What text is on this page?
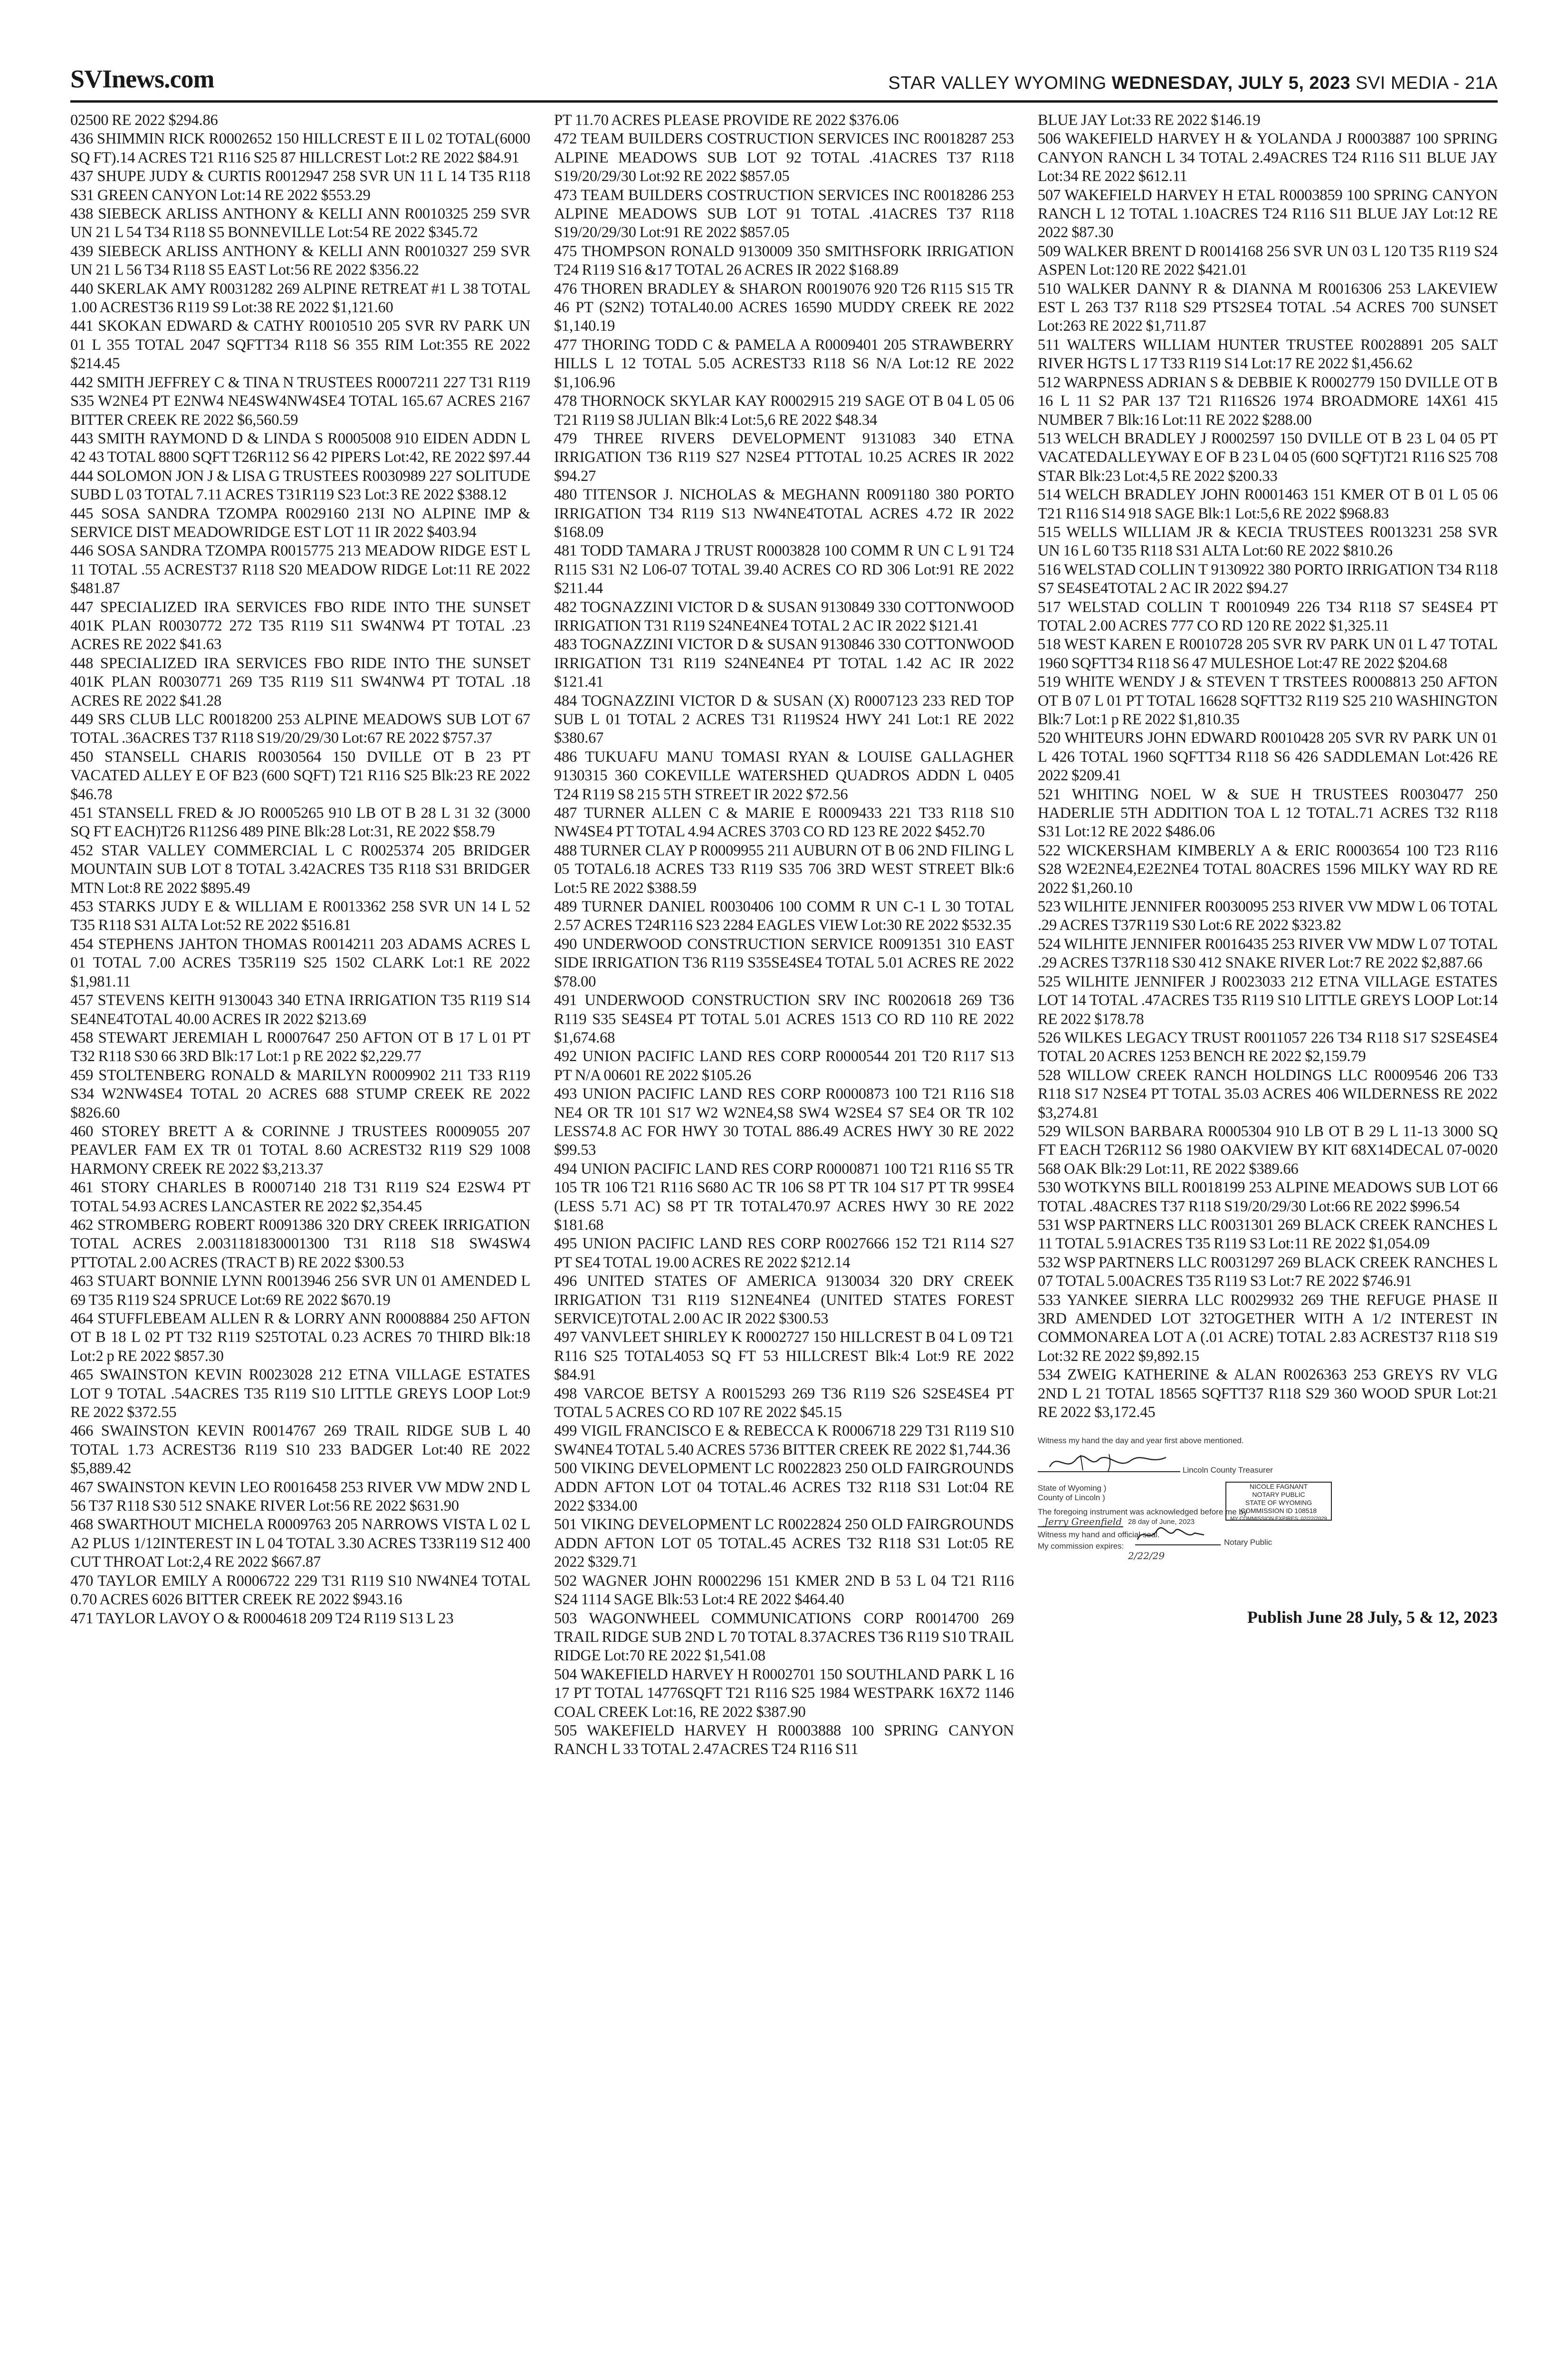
SVInews.com	STAR VALLEY WYOMING WEDNESDAY, JULY 5, 2023 SVI MEDIA - 21A

02500 RE 2022 $294.86

436 SHIMMIN RICK R0002652 150 HILLCREST E II L 02 TOTAL(6000 SQ FT).14 ACRES T21 R116 S25 87 HILLCREST Lot:2 RE 2022 $84.91

437 SHUPE JUDY & CURTIS R0012947 258 SVR UN 11 L 14 T35 R118 S31 GREEN CANYON Lot:14 RE 2022 $553.29

438 SIEBECK ARLISS ANTHONY & KELLI ANN R0010325 259 SVR UN 21 L 54 T34 R118 S5 BONNEVILLE Lot:54 RE 2022 $345.72

439 SIEBECK ARLISS ANTHONY & KELLI ANN R0010327 259 SVR UN 21 L 56 T34 R118 S5 EAST Lot:56 RE 2022 $356.22

440 SKERLAK AMY R0031282 269 ALPINE RETREAT #1 L 38 TOTAL 1.00 ACREST36 R119 S9 Lot:38 RE 2022 $1,121.60

441 SKOKAN EDWARD & CATHY R0010510 205 SVR RV PARK UN 01 L 355 TOTAL 2047 SQFTT34 R118 S6 355 RIM Lot:355 RE 2022 $214.45

442 SMITH JEFFREY C & TINA N TRUSTEES R0007211 227 T31 R119 S35 W2NE4 PT E2NW4 NE4SW4NW4SE4 TOTAL 165.67 ACRES 2167 BITTER CREEK RE 2022 $6,560.59

443 SMITH RAYMOND D & LINDA S R0005008 910 EIDEN ADDN L 42 43 TOTAL 8800 SQFT T26R112 S6 42 PIPERS Lot:42, RE 2022 $97.44

444 SOLOMON JON J & LISA G TRUSTEES R0030989 227 SOLITUDE SUBD L 03 TOTAL 7.11 ACRES T31R119 S23 Lot:3 RE 2022 $388.12

445 SOSA SANDRA TZOMPA R0029160 213I NO ALPINE IMP & SERVICE DIST MEADOWRIDGE EST LOT 11 IR 2022 $403.94

446 SOSA SANDRA TZOMPA R0015775 213 MEADOW RIDGE EST L 11 TOTAL .55 ACREST37 R118 S20 MEADOW RIDGE Lot:11 RE 2022 $481.87

447 SPECIALIZED IRA SERVICES FBO RIDE INTO THE SUNSET 401K PLAN R0030772 272 T35 R119 S11 SW4NW4 PT TOTAL .23 ACRES RE 2022 $41.63

448 SPECIALIZED IRA SERVICES FBO RIDE INTO THE SUNSET 401K PLAN R0030771 269 T35 R119 S11 SW4NW4 PT TOTAL .18 ACRES RE 2022 $41.28

449 SRS CLUB LLC R0018200 253 ALPINE MEADOWS SUB LOT 67 TOTAL .36ACRES T37 R118 S19/20/29/30 Lot:67 RE 2022 $757.37

450 STANSELL CHARIS R0030564 150 DVILLE OT B 23 PT VACATED ALLEY E OF B23 (600 SQFT) T21 R116 S25 Blk:23 RE 2022 $46.78

451 STANSELL FRED & JO R0005265 910 LB OT B 28 L 31 32 (3000 SQ FT EACH)T26 R112S6 489 PINE Blk:28 Lot:31, RE 2022 $58.79

452 STAR VALLEY COMMERCIAL L C R0025374 205 BRIDGER MOUNTAIN SUB LOT 8 TOTAL 3.42ACRES T35 R118 S31 BRIDGER MTN Lot:8 RE 2022 $895.49

453 STARKS JUDY E & WILLIAM E R0013362 258 SVR UN 14 L 52 T35 R118 S31 ALTA Lot:52 RE 2022 $516.81

454 STEPHENS JAHTON THOMAS R0014211 203 ADAMS ACRES L 01 TOTAL 7.00 ACRES T35R119 S25 1502 CLARK Lot:1 RE 2022 $1,981.11

457 STEVENS KEITH 9130043 340 ETNA IRRIGATION T35 R119 S14 SE4NE4TOTAL 40.00 ACRES IR 2022 $213.69

458 STEWART JEREMIAH L R0007647 250 AFTON OT B 17 L 01 PT T32 R118 S30 66 3RD Blk:17 Lot:1 p RE 2022 $2,229.77

459 STOLTENBERG RONALD & MARILYN R0009902 211 T33 R119 S34 W2NW4SE4 TOTAL 20 ACRES 688 STUMP CREEK RE 2022 $826.60

460 STOREY BRETT A & CORINNE J TRUSTEES R0009055 207 PEAVLER FAM EX TR 01 TOTAL 8.60 ACREST32 R119 S29 1008 HARMONY CREEK RE 2022 $3,213.37

461 STORY CHARLES B R0007140 218 T31 R119 S24 E2SW4 PT TOTAL 54.93 ACRES LANCASTER RE 2022 $2,354.45

462 STROMBERG ROBERT R0091386 320 DRY CREEK IRRIGATION TOTAL ACRES 2.0031181830001300 T31 R118 S18 SW4SW4 PTTOTAL 2.00 ACRES (TRACT B) RE 2022 $300.53

463 STUART BONNIE LYNN R0013946 256 SVR UN 01 AMENDED L 69 T35 R119 S24 SPRUCE Lot:69 RE 2022 $670.19

464 STUFFLEBEAM ALLEN R & LORRY ANN R0008884 250 AFTON OT B 18 L 02 PT T32 R119 S25TOTAL 0.23 ACRES 70 THIRD Blk:18 Lot:2 p RE 2022 $857.30

465 SWAINSTON KEVIN R0023028 212 ETNA VILLAGE ESTATES LOT 9 TOTAL .54ACRES T35 R119 S10 LITTLE GREYS LOOP Lot:9 RE 2022 $372.55

466 SWAINSTON KEVIN R0014767 269 TRAIL RIDGE SUB L 40 TOTAL 1.73 ACREST36 R119 S10 233 BADGER Lot:40 RE 2022 $5,889.42

467 SWAINSTON KEVIN LEO R0016458 253 RIVER VW MDW 2ND L 56 T37 R118 S30 512 SNAKE RIVER Lot:56 RE 2022 $631.90

468 SWARTHOUT MICHELA R0009763 205 NARROWS VISTA L 02 L A2 PLUS 1/12INTEREST IN L 04 TOTAL 3.30 ACRES T33R119 S12 400 CUT THROAT Lot:2,4 RE 2022 $667.87

470 TAYLOR EMILY A R0006722 229 T31 R119 S10 NW4NE4 TOTAL 0.70 ACRES 6026 BITTER CREEK RE 2022 $943.16

471 TAYLOR LAVOY O & R0004618 209 T24 R119 S13 L 23

PT 11.70 ACRES PLEASE PROVIDE RE 2022 $376.06

472 TEAM BUILDERS COSTRUCTION SERVICES INC R0018287 253 ALPINE MEADOWS SUB LOT 92 TOTAL .41ACRES T37 R118 S19/20/29/30 Lot:92 RE 2022 $857.05

473 TEAM BUILDERS COSTRUCTION SERVICES INC R0018286 253 ALPINE MEADOWS SUB LOT 91 TOTAL .41ACRES T37 R118 S19/20/29/30 Lot:91 RE 2022 $857.05

475 THOMPSON RONALD 9130009 350 SMITHSFORK IRRIGATION T24 R119 S16 &17 TOTAL 26 ACRES IR 2022 $168.89

476 THOREN BRADLEY & SHARON R0019076 920 T26 R115 S15 TR 46 PT (S2N2) TOTAL40.00 ACRES 16590 MUDDY CREEK RE 2022 $1,140.19

477 THORING TODD C & PAMELA A R0009401 205 STRAWBERRY HILLS L 12 TOTAL 5.05 ACREST33 R118 S6 N/A Lot:12 RE 2022 $1,106.96

478 THORNOCK SKYLAR KAY R0002915 219 SAGE OT B 04 L 05 06 T21 R119 S8 JULIAN Blk:4 Lot:5,6 RE 2022 $48.34

479 THREE RIVERS DEVELOPMENT 9131083 340 ETNA IRRIGATION T36 R119 S27 N2SE4 PTTOTAL 10.25 ACRES IR 2022 $94.27

480 TITENSOR J. NICHOLAS & MEGHANN R0091180 380 PORTO IRRIGATION T34 R119 S13 NW4NE4TOTAL ACRES 4.72 IR 2022 $168.09

481 TODD TAMARA J TRUST R0003828 100 COMM R UN C L 91 T24 R115 S31 N2 L06-07 TOTAL 39.40 ACRES CO RD 306 Lot:91 RE 2022 $211.44

482 TOGNAZZINI VICTOR D & SUSAN 9130849 330 COTTONWOOD IRRIGATION T31 R119 S24NE4NE4 TOTAL 2 AC IR 2022 $121.41

483 TOGNAZZINI VICTOR D & SUSAN 9130846 330 COTTONWOOD IRRIGATION T31 R119 S24NE4NE4 PT TOTAL 1.42 AC IR 2022 $121.41

484 TOGNAZZINI VICTOR D & SUSAN (X) R0007123 233 RED TOP SUB L 01 TOTAL 2 ACRES T31 R119S24 HWY 241 Lot:1 RE 2022 $380.67

486 TUKUAFU MANU TOMASI RYAN & LOUISE GALLAGHER 9130315 360 COKEVILLE WATERSHED QUADROS ADDN L 0405 T24 R119 S8 215 5TH STREET IR 2022 $72.56

487 TURNER ALLEN C & MARIE E R0009433 221 T33 R118 S10 NW4SE4 PT TOTAL 4.94 ACRES 3703 CO RD 123 RE 2022 $452.70

488 TURNER CLAY P R0009955 211 AUBURN OT B 06 2ND FILING L 05 TOTAL6.18 ACRES T33 R119 S35 706 3RD WEST STREET Blk:6 Lot:5 RE 2022 $388.59

489 TURNER DANIEL R0030406 100 COMM R UN C-1 L 30 TOTAL 2.57 ACRES T24R116 S23 2284 EAGLES VIEW Lot:30 RE 2022 $532.35

490 UNDERWOOD CONSTRUCTION SERVICE R0091351 310 EAST SIDE IRRIGATION T36 R119 S35SE4SE4 TOTAL 5.01 ACRES RE 2022 $78.00

491 UNDERWOOD CONSTRUCTION SRV INC R0020618 269 T36 R119 S35 SE4SE4 PT TOTAL 5.01 ACRES 1513 CO RD 110 RE 2022 $1,674.68

492 UNION PACIFIC LAND RES CORP R0000544 201 T20 R117 S13 PT N/A 00601 RE 2022 $105.26

493 UNION PACIFIC LAND RES CORP R0000873 100 T21 R116 S18 NE4 OR TR 101 S17 W2 W2NE4,S8 SW4 W2SE4 S7 SE4 OR TR 102 LESS74.8 AC FOR HWY 30 TOTAL 886.49 ACRES HWY 30 RE 2022 $99.53

494 UNION PACIFIC LAND RES CORP R0000871 100 T21 R116 S5 TR 105 TR 106 T21 R116 S680 AC TR 106 S8 PT TR 104 S17 PT TR 99SE4 (LESS 5.71 AC) S8 PT TR TOTAL470.97 ACRES HWY 30 RE 2022 $181.68

495 UNION PACIFIC LAND RES CORP R0027666 152 T21 R114 S27 PT SE4 TOTAL 19.00 ACRES RE 2022 $212.14

496 UNITED STATES OF AMERICA 9130034 320 DRY CREEK IRRIGATION T31 R119 S12NE4NE4 (UNITED STATES FOREST SERVICE)TOTAL 2.00 AC IR 2022 $300.53

497 VANVLEET SHIRLEY K R0002727 150 HILLCREST B 04 L 09 T21 R116 S25 TOTAL4053 SQ FT 53 HILLCREST Blk:4 Lot:9 RE 2022 $84.91

498 VARCOE BETSY A R0015293 269 T36 R119 S26 S2SE4SE4 PT TOTAL 5 ACRES CO RD 107 RE 2022 $45.15

499 VIGIL FRANCISCO E & REBECCA K R0006718 229 T31 R119 S10 SW4NE4 TOTAL 5.40 ACRES 5736 BITTER CREEK RE 2022 $1,744.36

500 VIKING DEVELOPMENT LC R0022823 250 OLD FAIRGROUNDS ADDN AFTON LOT 04 TOTAL.46 ACRES T32 R118 S31 Lot:04 RE 2022 $334.00

501 VIKING DEVELOPMENT LC R0022824 250 OLD FAIRGROUNDS ADDN AFTON LOT 05 TOTAL.45 ACRES T32 R118 S31 Lot:05 RE 2022 $329.71

502 WAGNER JOHN R0002296 151 KMER 2ND B 53 L 04 T21 R116 S24 1114 SAGE Blk:53 Lot:4 RE 2022 $464.40

503 WAGONWHEEL COMMUNICATIONS CORP R0014700 269 TRAIL RIDGE SUB 2ND L 70 TOTAL 8.37ACRES T36 R119 S10 TRAIL RIDGE Lot:70 RE 2022 $1,541.08

504 WAKEFIELD HARVEY H R0002701 150 SOUTHLAND PARK L 16 17 PT TOTAL 14776SQFT T21 R116 S25 1984 WESTPARK 16X72 1146 COAL CREEK Lot:16, RE 2022 $387.90

505 WAKEFIELD HARVEY H R0003888 100 SPRING CANYON RANCH L 33 TOTAL 2.47ACRES T24 R116 S11

BLUE JAY Lot:33 RE 2022 $146.19

506 WAKEFIELD HARVEY H & YOLANDA J R0003887 100 SPRING CANYON RANCH L 34 TOTAL 2.49ACRES T24 R116 S11 BLUE JAY Lot:34 RE 2022 $612.11

507 WAKEFIELD HARVEY H ETAL R0003859 100 SPRING CANYON RANCH L 12 TOTAL 1.10ACRES T24 R116 S11 BLUE JAY Lot:12 RE 2022 $87.30

509 WALKER BRENT D R0014168 256 SVR UN 03 L 120 T35 R119 S24 ASPEN Lot:120 RE 2022 $421.01

510 WALKER DANNY R & DIANNA M R0016306 253 LAKEVIEW EST L 263 T37 R118 S29 PTS2SE4 TOTAL .54 ACRES 700 SUNSET Lot:263 RE 2022 $1,711.87

511 WALTERS WILLIAM HUNTER TRUSTEE R0028891 205 SALT RIVER HGTS L 17 T33 R119 S14 Lot:17 RE 2022 $1,456.62

512 WARPNESS ADRIAN S & DEBBIE K R0002779 150 DVILLE OT B 16 L 11 S2 PAR 137 T21 R116S26 1974 BROADMORE 14X61 415 NUMBER 7 Blk:16 Lot:11 RE 2022 $288.00

513 WELCH BRADLEY J R0002597 150 DVILLE OT B 23 L 04 05 PT VACATEDALLEYWAY E OF B 23 L 04 05 (600 SQFT)T21 R116 S25 708 STAR Blk:23 Lot:4,5 RE 2022 $200.33

514 WELCH BRADLEY JOHN R0001463 151 KMER OT B 01 L 05 06 T21 R116 S14 918 SAGE Blk:1 Lot:5,6 RE 2022 $968.83

515 WELLS WILLIAM JR & KECIA TRUSTEES R0013231 258 SVR UN 16 L 60 T35 R118 S31 ALTA Lot:60 RE 2022 $810.26

516 WELSTAD COLLIN T 9130922 380 PORTO IRRIGATION T34 R118 S7 SE4SE4TOTAL 2 AC IR 2022 $94.27

517 WELSTAD COLLIN T R0010949 226 T34 R118 S7 SE4SE4 PT TOTAL 2.00 ACRES 777 CO RD 120 RE 2022 $1,325.11

518 WEST KAREN E R0010728 205 SVR RV PARK UN 01 L 47 TOTAL 1960 SQFTT34 R118 S6 47 MULESHOE Lot:47 RE 2022 $204.68

519 WHITE WENDY J & STEVEN T TRSTEES R0008813 250 AFTON OT B 07 L 01 PT TOTAL 16628 SQFTT32 R119 S25 210 WASHINGTON Blk:7 Lot:1 p RE 2022 $1,810.35

520 WHITEURS JOHN EDWARD R0010428 205 SVR RV PARK UN 01 L 426 TOTAL 1960 SQFTT34 R118 S6 426 SADDLEMAN Lot:426 RE 2022 $209.41

521 WHITING NOEL W & SUE H TRUSTEES R0030477 250 HADERLIE 5TH ADDITION TOA L 12 TOTAL.71 ACRES T32 R118 S31 Lot:12 RE 2022 $486.06

522 WICKERSHAM KIMBERLY A & ERIC R0003654 100 T23 R116 S28 W2E2NE4,E2E2NE4 TOTAL 80ACRES 1596 MILKY WAY RD RE 2022 $1,260.10

523 WILHITE JENNIFER R0030095 253 RIVER VW MDW L 06 TOTAL .29 ACRES T37R119 S30 Lot:6 RE 2022 $323.82

524 WILHITE JENNIFER R0016435 253 RIVER VW MDW L 07 TOTAL .29 ACRES T37R118 S30 412 SNAKE RIVER Lot:7 RE 2022 $2,887.66

525 WILHITE JENNIFER J R0023033 212 ETNA VILLAGE ESTATES LOT 14 TOTAL .47ACRES T35 R119 S10 LITTLE GREYS LOOP Lot:14 RE 2022 $178.78

526 WILKES LEGACY TRUST R0011057 226 T34 R118 S17 S2SE4SE4 TOTAL 20 ACRES 1253 BENCH RE 2022 $2,159.79

528 WILLOW CREEK RANCH HOLDINGS LLC R0009546 206 T33 R118 S17 N2SE4 PT TOTAL 35.03 ACRES 406 WILDERNESS RE 2022 $3,274.81

529 WILSON BARBARA R0005304 910 LB OT B 29 L 11-13 3000 SQ FT EACH T26R112 S6 1980 OAKVIEW BY KIT 68X14DECAL 07-0020 568 OAK Blk:29 Lot:11, RE 2022 $389.66

530 WOTKYNS BILL R0018199 253 ALPINE MEADOWS SUB LOT 66 TOTAL .48ACRES T37 R118 S19/20/29/30 Lot:66 RE 2022 $996.54

531 WSP PARTNERS LLC R0031301 269 BLACK CREEK RANCHES L 11 TOTAL 5.91ACRES T35 R119 S3 Lot:11 RE 2022 $1,054.09

532 WSP PARTNERS LLC R0031297 269 BLACK CREEK RANCHES L 07 TOTAL 5.00ACRES T35 R119 S3 Lot:7 RE 2022 $746.91

533 YANKEE SIERRA LLC R0029932 269 THE REFUGE PHASE II 3RD AMENDED LOT 32TOGETHER WITH A 1/2 INTEREST IN COMMONAREA LOT A (.01 ACRE) TOTAL 2.83 ACREST37 R118 S19 Lot:32 RE 2022 $9,892.15

534 ZWEIG KATHERINE & ALAN R0026363 253 GREYS RV VLG 2ND L 21 TOTAL 18565 SQFTT37 R118 S29 360 WOOD SPUR Lot:21 RE 2022 $3,172.45

Witness my hand the day and year first above mentioned.
Lincoln County Treasurer
State of Wyoming )
County of Lincoln )
The foregoing instrument was acknowledged before me by
Jerry Greenfield 28 day of June, 2023
Witness my hand and official seal.
Notary Public
My commission expires:
2/22/29
NICOLE FAGNANT
NOTARY PUBLIC
STATE OF WYOMING
COMMISSION ID 108518
MY COMMISSION EXPIRES: 02/22/2029
Publish June 28 July, 5 & 12, 2023
